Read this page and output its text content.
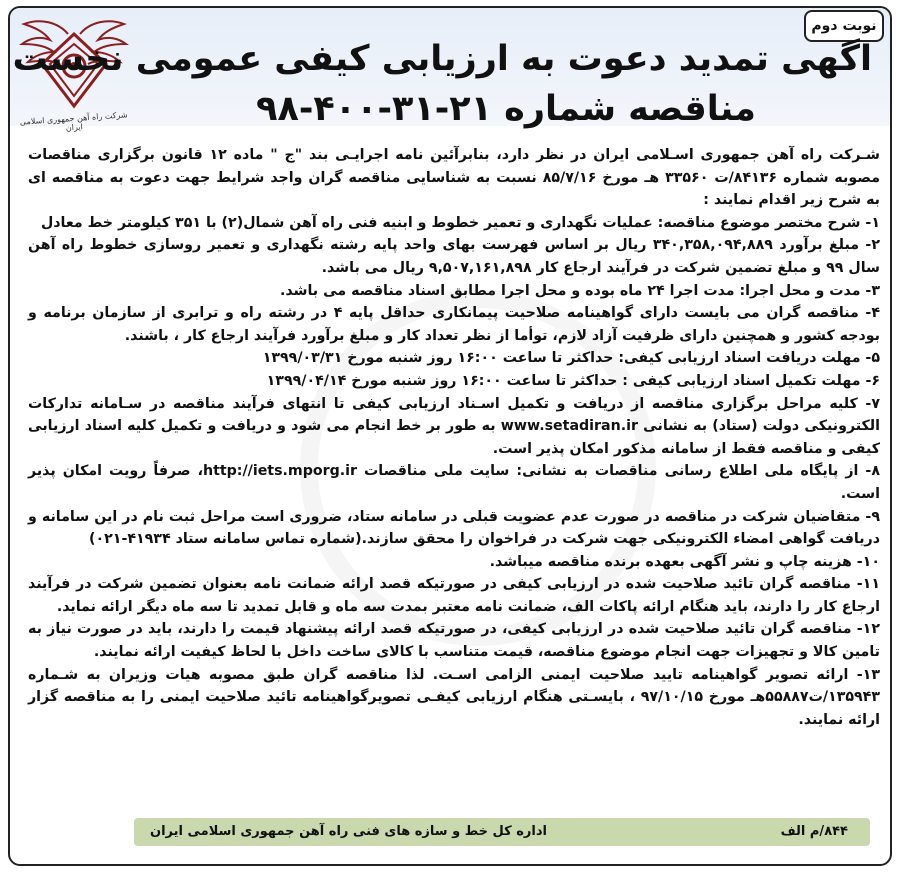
نوبت دوم
شرکت راه آهن جمهوری اسلامی ایران
اگهی تمدید دعوت به ارزیابی کیفی عمومی نخست
مناقصه شماره ۲۱-۳۱-۴۰۰-۹۸

شـرکت راه آهن جمهوری اسـلامی ایران در نظر دارد، بنابرآئین نامه اجرایـی بند "ج " ماده ۱۲ قانون برگزاری مناقصات مصوبه شماره ۸۴۱۳۶/ت ۳۳۵۶۰ هـ مورخ ۸۵/۷/۱۶ نسبت به شناسایی مناقصه گران واجد شرایط جهت دعوت به مناقصه ای به شرح زیر اقدام نمایند :

۱- شرح مختصر موضوع مناقصه: عملیات نگهداری و تعمیر خطوط و ابنیه فنی راه آهن شمال(۲) با ۳۵۱ کیلومتر خط معادل

۲- مبلغ برآورد ۳۴۰,۳۵۸,۰۹۴,۸۸۹ ریال بر اساس فهرست بهای واحد پایه رشته نگهداری و تعمیر روسازی خطوط راه آهن سال ۹۹ و مبلغ تضمین شرکت در فرآیند ارجاع کار ۹,۵۰۷,۱۶۱,۸۹۸ ریال می باشد.

۳- مدت و محل اجرا: مدت اجرا ۲۴ ماه بوده و محل اجرا مطابق اسناد مناقصه می باشد.

۴- مناقصه گران می بایست دارای گواهینامه صلاحیت پیمانکاری حداقل پایه ۴ در رشته راه و ترابری از سازمان برنامه و بودجه کشور و همچنین دارای ظرفیت آزاد لازم، توأما از نظر تعداد کار و مبلغ برآورد فرآیند ارجاع کار ، باشند.

۵- مهلت دریافت اسناد ارزیابی کیفی: حداکثر تا ساعت ۱۶:۰۰ روز شنبه مورخ ۱۳۹۹/۰۳/۳۱

۶- مهلت تکمیل اسناد ارزیابی کیفی : حداکثر تا ساعت ۱۶:۰۰ روز شنبه مورخ ۱۳۹۹/۰۴/۱۴

۷- کلیه مراحل برگزاری مناقصه از دریافت و تکمیل اسـناد ارزیابی کیفی تا انتهای فرآیند مناقصه در سـامانه تدارکات الکترونیکی دولت (ستاد) به نشانی www.setadiran.ir به طور بر خط انجام می شود و دریافت و تکمیل کلیه اسناد ارزیابی کیفی و مناقصه فقط از سامانه مذکور امکان پذیر است.

۸- از پایگاه ملی اطلاع رسانی مناقصات به نشانی: سایت ملی مناقصات http://iets.mporg.ir، صرفاً رویت امکان پذیر است.

۹- متقاضیان شرکت در مناقصه در صورت عدم عضویت قبلی در سامانه ستاد، ضروری است مراحل ثبت نام در این سامانه و دریافت گواهی امضاء الکترونیکی جهت شرکت در فراخوان را محقق سازند.(شماره تماس سامانه ستاد ۴۱۹۳۴-۰۲۱)

۱۰- هزینه چاپ و نشر آگهی بعهده برنده مناقصه میباشد.

۱۱- مناقصه گران تائید صلاحیت شده در ارزیابی کیفی در صورتیکه قصد ارائه ضمانت نامه بعنوان تضمین شرکت در فرآیند ارجاع کار را دارند، باید هنگام ارائه پاکات الف، ضمانت نامه معتبر بمدت سه ماه و قابل تمدید تا سه ماه دیگر ارائه نماید.

۱۲- مناقصه گران تائید صلاحیت شده در ارزیابی کیفی، در صورتیکه قصد ارائه پیشنهاد قیمت را دارند، باید در صورت نیاز به تامین کالا و تجهیزات جهت انجام موضوع مناقصه، قیمت متناسب با کالای ساخت داخل با لحاظ کیفیت ارائه نمایند.

۱۳- ارائه تصویر گواهینامه تایید صلاحیت ایمنی الزامی اسـت. لذا مناقصه گران طبق مصوبه هیات وزیران به شـماره ۱۳۵۹۴۳/ت۵۵۸۸۷هـ مورخ ۹۷/۱۰/۱۵ ، بایسـتی هنگام ارزیابی کیفـی تصویرگواهینامه تائید صلاحیت ایمنی را به مناقصه گزار ارائه نمایند.

۸۴۴/م الف
اداره کل خط و سازه های فنی راه آهن جمهوری اسلامی ایران
